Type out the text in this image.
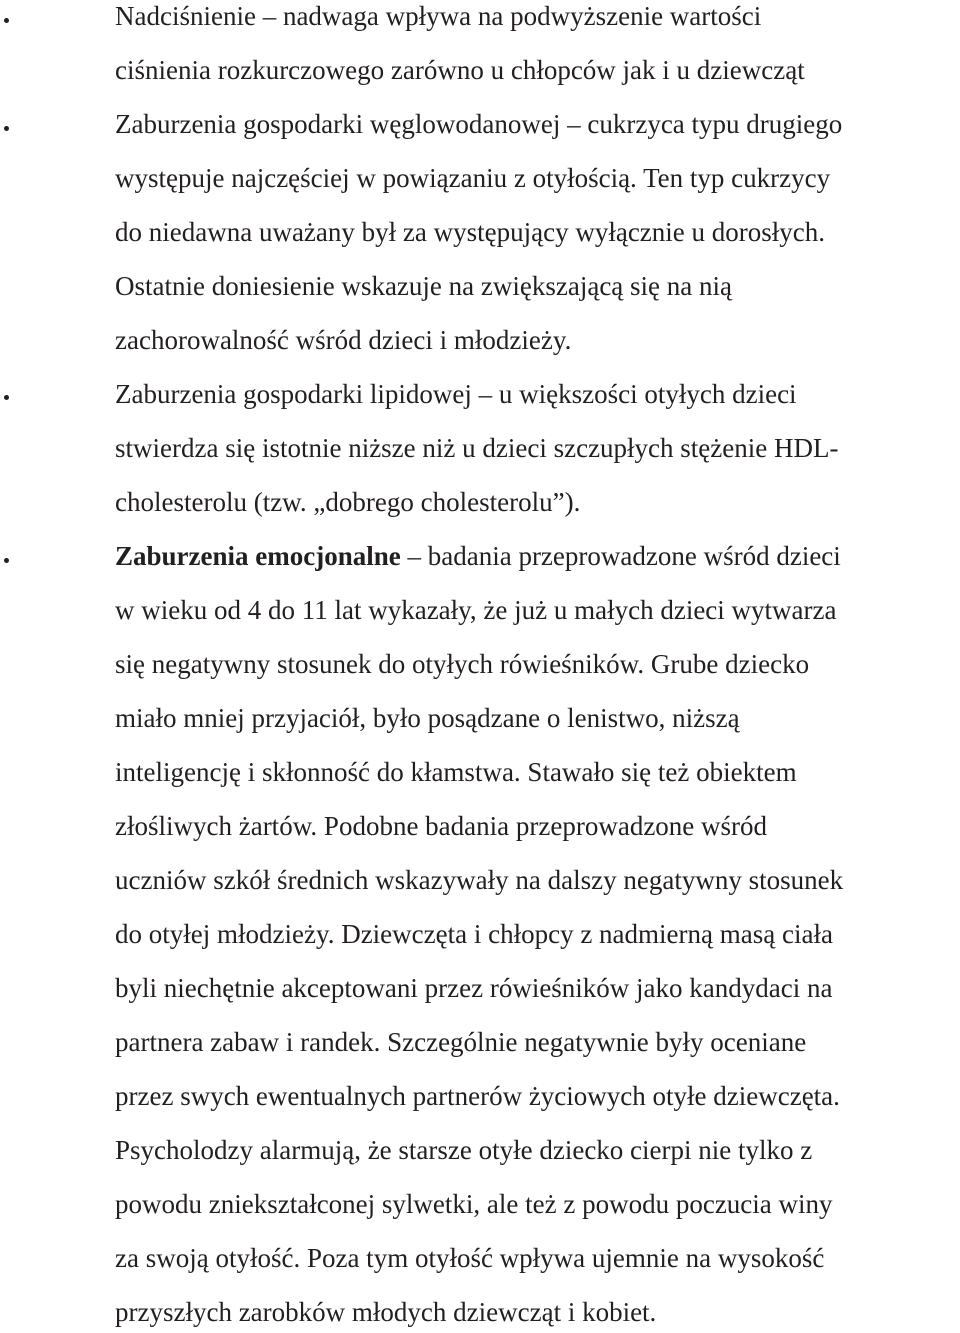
Nadciśnienie – nadwaga wpływa na podwyższenie wartości
ciśnienia rozkurczowego zarówno u chłopców jak i u dziewcząt
Zaburzenia gospodarki węglowodanowej – cukrzyca typu drugiego
występuje najczęściej w powiązaniu z otyłością. Ten typ cukrzycy
do niedawna uważany był za występujący wyłącznie u dorosłych.
Ostatnie doniesienie wskazuje na zwiększającą się na nią
zachorowalność wśród dzieci i młodzieży.
Zaburzenia gospodarki lipidowej – u większości otyłych dzieci
stwierdza się istotnie niższe niż u dzieci szczupłych stężenie HDL-
cholesterolu (tzw. „dobrego cholesterolu”).
Zaburzenia emocjonalne – badania przeprowadzone wśród dzieci
w wieku od 4 do 11 lat wykazały, że już u małych dzieci wytwarza
się negatywny stosunek do otyłych rówieśników. Grube dziecko
miało mniej przyjaciół, było posądzane o lenistwo, niższą
inteligencję i skłonność do kłamstwa. Stawało się też obiektem
złośliwych żartów. Podobne badania przeprowadzone wśród
uczniów szkół średnich wskazywały na dalszy negatywny stosunek
do otyłej młodzieży. Dziewczęta i chłopcy z nadmierną masą ciała
byli niechętnie akceptowani przez rówieśników jako kandydaci na
partnera zabaw i randek. Szczególnie negatywnie były oceniane
przez swych ewentualnych partnerów życiowych otyłe dziewczęta.
Psycholodzy alarmują, że starsze otyłe dziecko cierpi nie tylko z
powodu zniekształconej sylwetki, ale też z powodu poczucia winy
za swoją otyłość. Poza tym otyłość wpływa ujemnie na wysokość
przyszłych zarobków młodych dziewcząt i kobiet.
